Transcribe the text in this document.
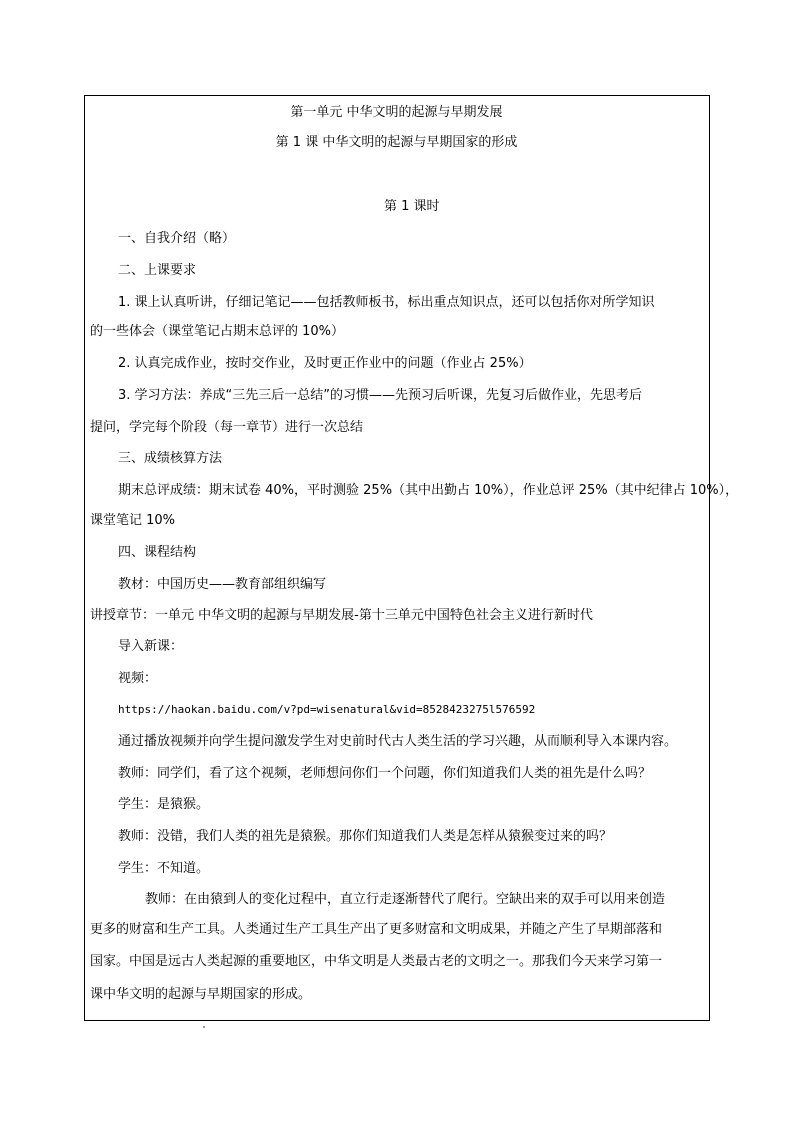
第一单元 中华文明的起源与早期发展
第 1 课 中华文明的起源与早期国家的形成
第 1 课时
一、自我介绍（略）
二、上课要求
1. 课上认真听讲，仔细记笔记——包括教师板书，标出重点知识点，还可以包括你对所学知识
的一些体会（课堂笔记占期末总评的 10%）
2. 认真完成作业，按时交作业，及时更正作业中的问题（作业占 25%）
3. 学习方法：养成“三先三后一总结”的习惯——先预习后听课，先复习后做作业，先思考后
提问，学完每个阶段（每一章节）进行一次总结
三、成绩核算方法
期末总评成绩：期末试卷 40%，平时测验 25%（其中出勤占 10%），作业总评 25%（其中纪律占 10%），
课堂笔记 10%
四、课程结构
教材：中国历史——教育部组织编写
讲授章节：一单元 中华文明的起源与早期发展-第十三单元中国特色社会主义进行新时代
导入新课：
视频：
https://haokan.baidu.com/v?pd=wisenatural&vid=8528423275l576592
通过播放视频并向学生提问激发学生对史前时代古人类生活的学习兴趣，从而顺利导入本课内容。
教师：同学们，看了这个视频，老师想问你们一个问题，你们知道我们人类的祖先是什么吗？
学生：是猿猴。
教师：没错，我们人类的祖先是猿猴。那你们知道我们人类是怎样从猿猴变过来的吗？
学生：不知道。
教师：在由猿到人的变化过程中，直立行走逐渐替代了爬行。空缺出来的双手可以用来创造
更多的财富和生产工具。人类通过生产工具生产出了更多财富和文明成果，并随之产生了早期部落和
国家。中国是远古人类起源的重要地区，中华文明是人类最古老的文明之一。那我们今天来学习第一
课中华文明的起源与早期国家的形成。
